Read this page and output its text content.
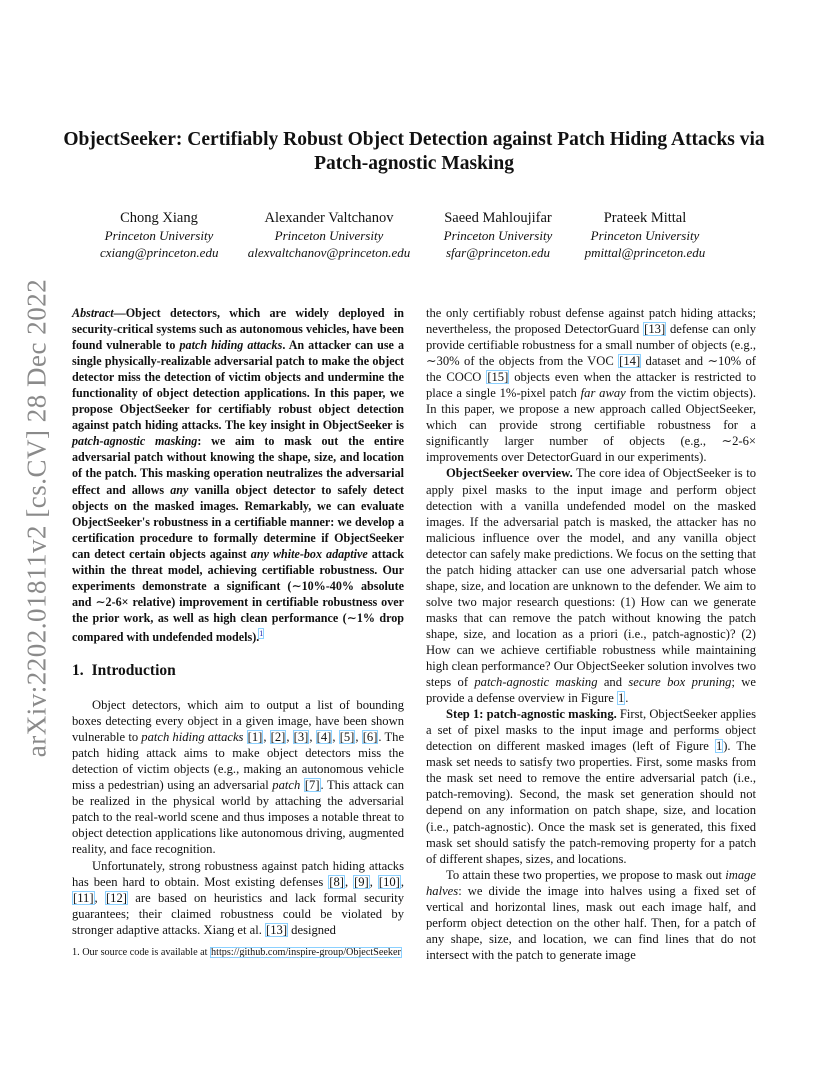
arXiv:2202.01811v2 [cs.CV] 28 Dec 2022
ObjectSeeker: Certifiably Robust Object Detection against Patch Hiding Attacks via Patch-agnostic Masking
Chong Xiang
Princeton University
cxiang@princeton.edu
Alexander Valtchanov
Princeton University
alexvaltchanov@princeton.edu
Saeed Mahloujifar
Princeton University
sfar@princeton.edu
Prateek Mittal
Princeton University
pmittal@princeton.edu
Abstract—Object detectors, which are widely deployed in security-critical systems such as autonomous vehicles, have been found vulnerable to patch hiding attacks. An attacker can use a single physically-realizable adversarial patch to make the object detector miss the detection of victim objects and undermine the functionality of object detection applications. In this paper, we propose ObjectSeeker for certifiably robust object detection against patch hiding attacks. The key insight in ObjectSeeker is patch-agnostic masking: we aim to mask out the entire adversarial patch without knowing the shape, size, and location of the patch. This masking operation neutralizes the adversarial effect and allows any vanilla object detector to safely detect objects on the masked images. Remarkably, we can evaluate ObjectSeeker's robustness in a certifiable manner: we develop a certification procedure to formally determine if ObjectSeeker can detect certain objects against any white-box adaptive attack within the threat model, achieving certifiable robustness. Our experiments demonstrate a significant (∼10%-40% absolute and ∼2-6× relative) improvement in certifiable robustness over the prior work, as well as high clean performance (∼1% drop compared with undefended models).$^1$
1. Introduction

Object detectors, which aim to output a list of bounding boxes detecting every object in a given image, have been shown vulnerable to patch hiding attacks [1], [2], [3], [4], [5], [6]. The patch hiding attack aims to make object detectors miss the detection of victim objects (e.g., making an autonomous vehicle miss a pedestrian) using an adversarial patch [7]. This attack can be realized in the physical world by attaching the adversarial patch to the real-world scene and thus imposes a notable threat to object detection applications like autonomous driving, augmented reality, and face recognition.

Unfortunately, strong robustness against patch hiding attacks has been hard to obtain. Most existing defenses [8], [9], [10], [11], [12] are based on heuristics and lack formal security guarantees; their claimed robustness could be violated by stronger adaptive attacks. Xiang et al. [13] designed

1. Our source code is available at https://github.com/inspire-group/ObjectSeeker

the only certifiably robust defense against patch hiding attacks; nevertheless, the proposed DetectorGuard [13] defense can only provide certifiable robustness for a small number of objects (e.g., ∼30% of the objects from the VOC [14] dataset and ∼10% of the COCO [15] objects even when the attacker is restricted to place a single 1%-pixel patch far away from the victim objects). In this paper, we propose a new approach called ObjectSeeker, which can provide strong certifiable robustness for a significantly larger number of objects (e.g., ∼2-6× improvements over DetectorGuard in our experiments).

ObjectSeeker overview. The core idea of ObjectSeeker is to apply pixel masks to the input image and perform object detection with a vanilla undefended model on the masked images. If the adversarial patch is masked, the attacker has no malicious influence over the model, and any vanilla object detector can safely make predictions. We focus on the setting that the patch hiding attacker can use one adversarial patch whose shape, size, and location are unknown to the defender. We aim to solve two major research questions: (1) How can we generate masks that can remove the patch without knowing the patch shape, size, and location as a priori (i.e., patch-agnostic)? (2) How can we achieve certifiable robustness while maintaining high clean performance? Our ObjectSeeker solution involves two steps of patch-agnostic masking and secure box pruning; we provide a defense overview in Figure 1.

Step 1: patch-agnostic masking. First, ObjectSeeker applies a set of pixel masks to the input image and performs object detection on different masked images (left of Figure 1). The mask set needs to satisfy two properties. First, some masks from the mask set need to remove the entire adversarial patch (i.e., patch-removing). Second, the mask set generation should not depend on any information on patch shape, size, and location (i.e., patch-agnostic). Once the mask set is generated, this fixed mask set should satisfy the patch-removing property for a patch of different shapes, sizes, and locations.

To attain these two properties, we propose to mask out image halves: we divide the image into halves using a fixed set of vertical and horizontal lines, mask out each image half, and perform object detection on the other half. Then, for a patch of any shape, size, and location, we can find lines that do not intersect with the patch to generate image
